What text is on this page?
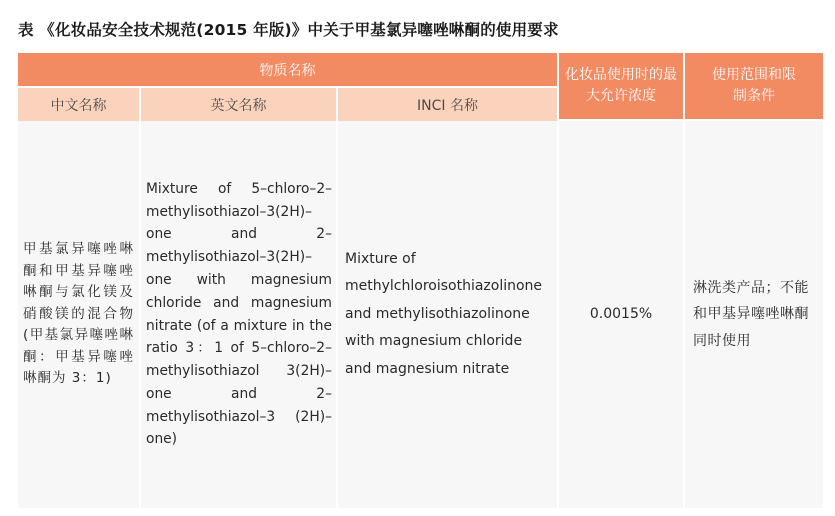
表 《化妆品安全技术规范(2015 年版)》中关于甲基氯异噻唑啉酮的使用要求
物质名称			化妆品使用时的最大允许浓度	使用范围和限制条件

中文名称	英文名称	INCI 名称		
甲基氯异噻唑啉酮和甲基异噻唑啉酮与氯化镁及硝酸镁的混合物(甲基氯异噻唑啉酮：甲基异噻唑啉酮为 3：1)	Mixture of 5–chloro–2–methylisothiazol–3(2H)–one and 2–methylisothiazol–3(2H)–one with magnesium chloride and magnesium nitrate (of a mixture in the ratio 3：1 of 5–chloro–2–methylisothiazol 3(2H)–one and 2–methylisothiazol–3 (2H)–one)	Mixture of methylchloroisothiazolinone and methylisothiazolinone with magnesium chloride and magnesium nitrate	0.0015%	淋洗类产品；不能和甲基异噻唑啉酮同时使用
